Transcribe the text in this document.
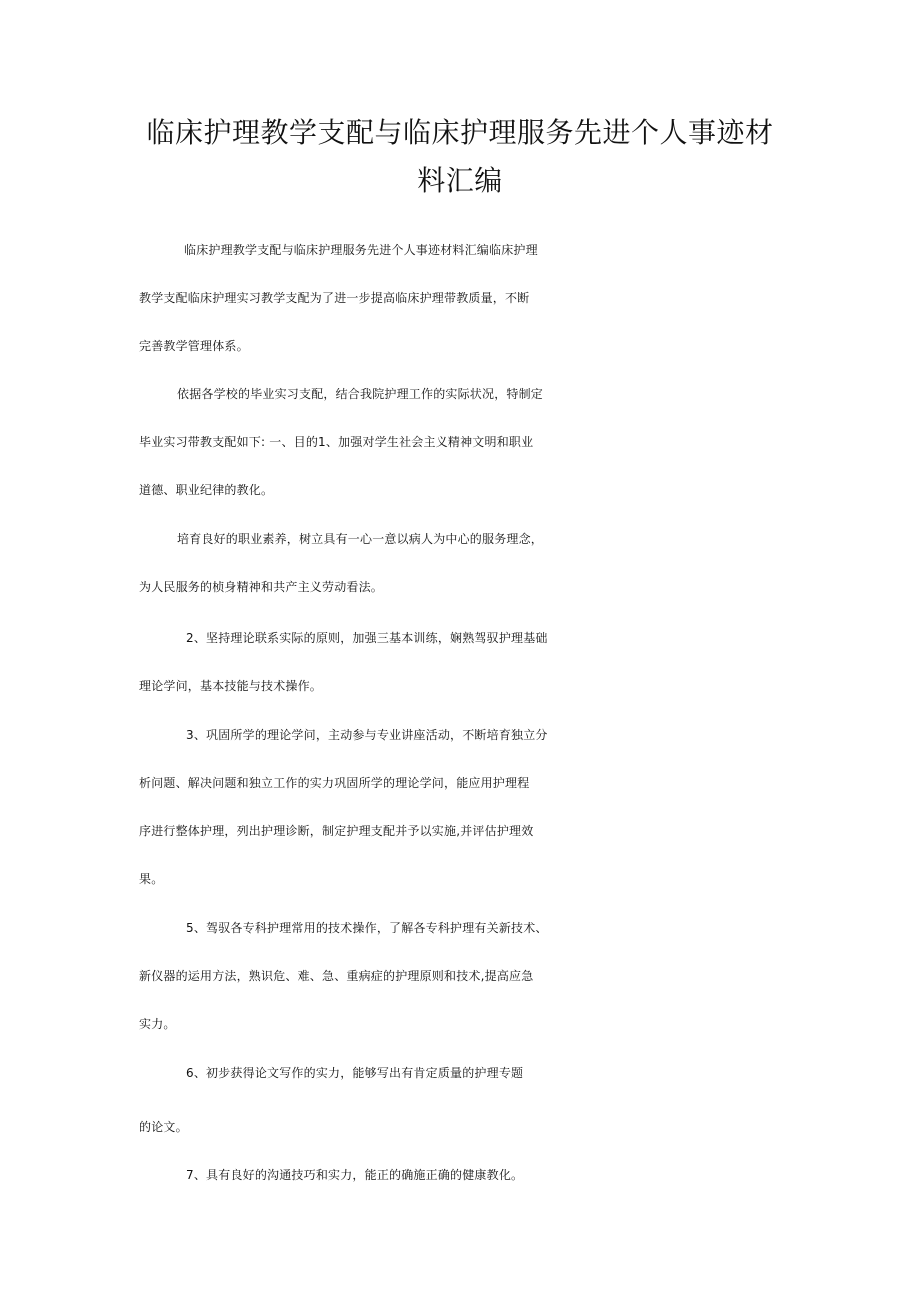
临床护理教学支配与临床护理服务先进个人事迹材
料汇编
临床护理教学支配与临床护理服务先进个人事迹材料汇编临床护理
教学支配临床护理实习教学支配为了进一步提高临床护理带教质量，不断
完善教学管理体系。
依据各学校的毕业实习支配，结合我院护理工作的实际状况，特制定
毕业实习带教支配如下: 一、目的1、加强对学生社会主义精神文明和职业
道德、职业纪律的教化。
培育良好的职业素养，树立具有一心一意以病人为中心的服务理念，
为人民服务的桢身精神和共产主义劳动看法。
2、坚持理论联系实际的原则，加强三基本训练，娴熟驾驭护理基础
理论学问，基本技能与技术操作。
3、巩固所学的理论学问，主动参与专业讲座活动，不断培育独立分
析问题、解决问题和独立工作的实力巩固所学的理论学问，能应用护理程
序进行整体护理，列出护理诊断，制定护理支配并予以实施,并评估护理效
果。
5、驾驭各专科护理常用的技术操作，了解各专科护理有关新技术、
新仪器的运用方法，熟识危、难、急、重病症的护理原则和技术,提高应急
实力。
6、初步获得论文写作的实力，能够写出有肯定质量的护理专题
的论文。
7、具有良好的沟通技巧和实力，能正的确施正确的健康教化。
